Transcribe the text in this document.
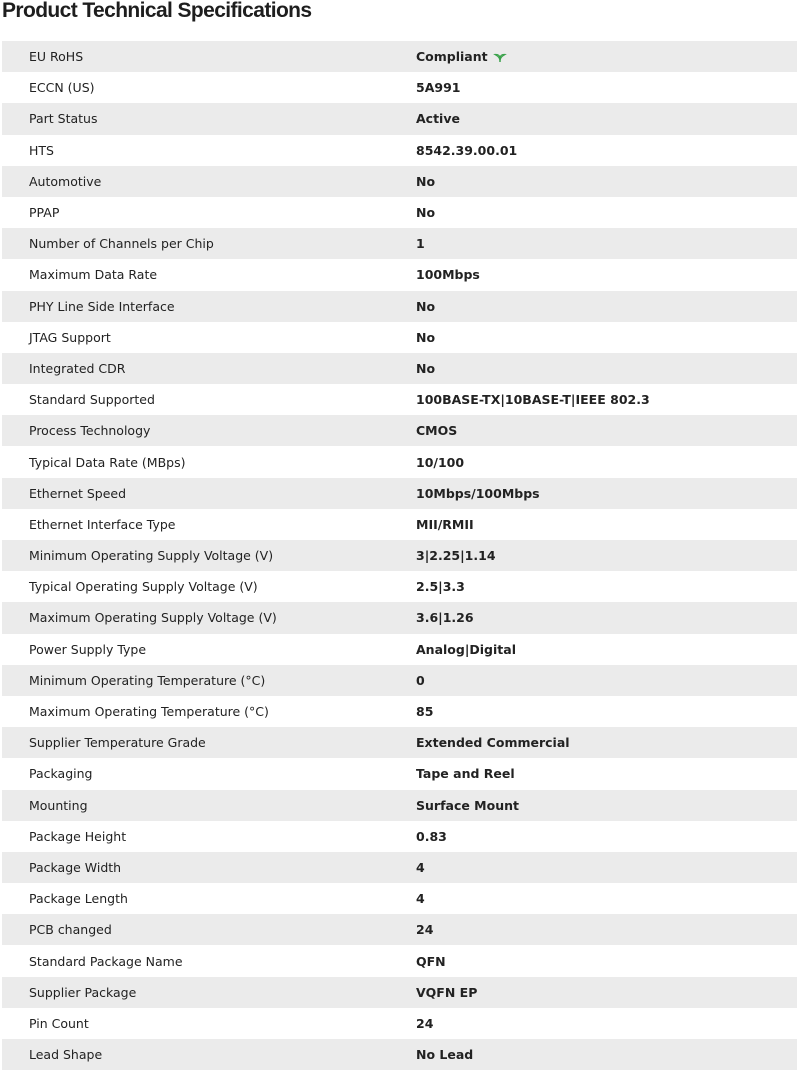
Product Technical Specifications
EU RoHS	Compliant
ECCN (US)	5A991
Part Status	Active
HTS	8542.39.00.01
Automotive	No
PPAP	No
Number of Channels per Chip	1
Maximum Data Rate	100Mbps
PHY Line Side Interface	No
JTAG Support	No
Integrated CDR	No
Standard Supported	100BASE-TX|10BASE-T|IEEE 802.3
Process Technology	CMOS
Typical Data Rate (MBps)	10/100
Ethernet Speed	10Mbps/100Mbps
Ethernet Interface Type	MII/RMII
Minimum Operating Supply Voltage (V)	3|2.25|1.14
Typical Operating Supply Voltage (V)	2.5|3.3
Maximum Operating Supply Voltage (V)	3.6|1.26
Power Supply Type	Analog|Digital
Minimum Operating Temperature (°C)	0
Maximum Operating Temperature (°C)	85
Supplier Temperature Grade	Extended Commercial
Packaging	Tape and Reel
Mounting	Surface Mount
Package Height	0.83
Package Width	4
Package Length	4
PCB changed	24
Standard Package Name	QFN
Supplier Package	VQFN EP
Pin Count	24
Lead Shape	No Lead
